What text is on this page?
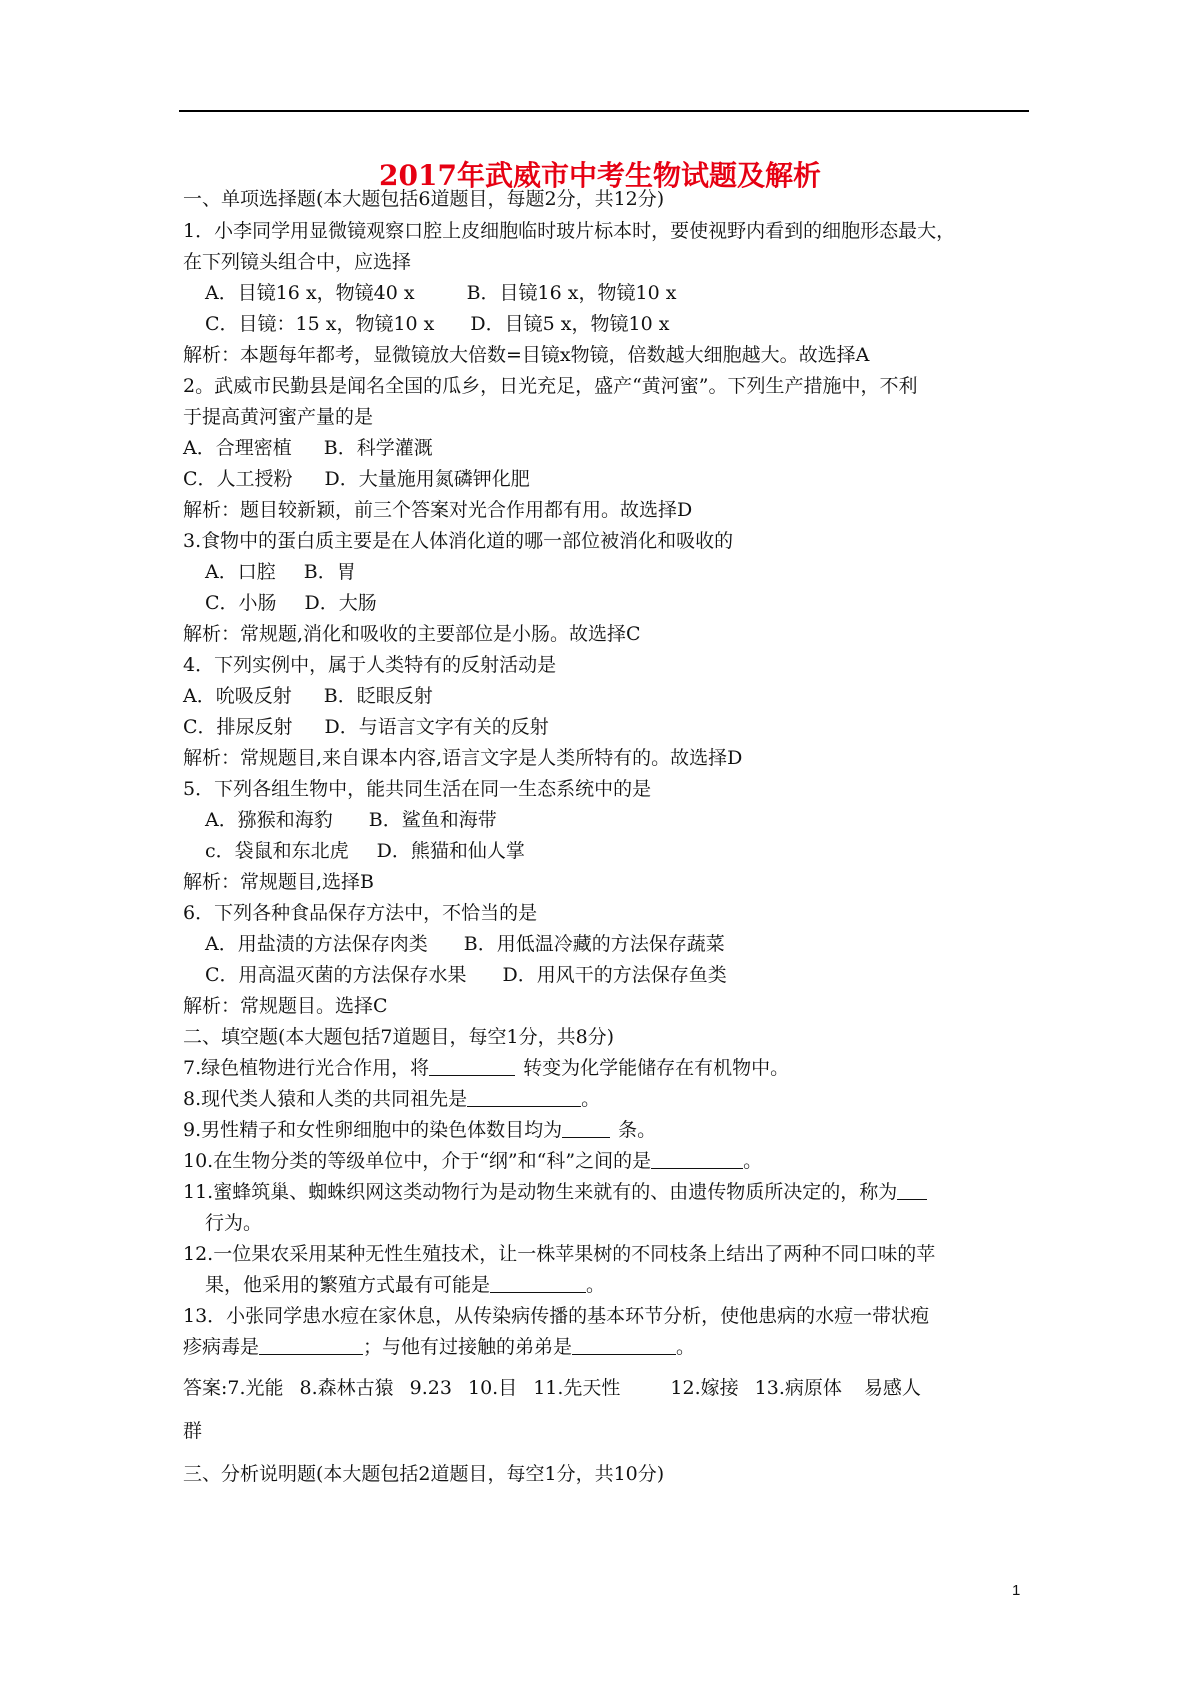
2017年武威市中考生物试题及解析
一、单项选择题(本大题包括6道题目，每题2分，共12分)
1．小李同学用显微镜观察口腔上皮细胞临时玻片标本时，要使视野内看到的细胞形态最大，
在下列镜头组合中，应选择
A．目镜16 x，物镜40 x	B．目镜16 x，物镜10 x
C．目镜：15 x，物镜10 x D．目镜5 x，物镜10 x
解析：本题每年都考，显微镜放大倍数=目镜x物镜，倍数越大细胞越大。故选择A
2。武威市民勤县是闻名全国的瓜乡，日光充足，盛产“黄河蜜”。下列生产措施中，不利
于提高黄河蜜产量的是
A．合理密植 B．科学灌溉
C．人工授粉 D．大量施用氮磷钾化肥
解析：题目较新颖，前三个答案对光合作用都有用。故选择D
3.食物中的蛋白质主要是在人体消化道的哪一部位被消化和吸收的
A．口腔 B．胃
C．小肠 D．大肠
解析：常规题,消化和吸收的主要部位是小肠。故选择C
4．下列实例中，属于人类特有的反射活动是
A．吮吸反射 B．眨眼反射
C．排尿反射 D．与语言文字有关的反射
解析：常规题目,来自课本内容,语言文字是人类所特有的。故选择D
5．下列各组生物中，能共同生活在同一生态系统中的是
A．猕猴和海豹 B．鲨鱼和海带
c．袋鼠和东北虎 D．熊猫和仙人掌
解析：常规题目,选择B
6．下列各种食品保存方法中，不恰当的是
A．用盐渍的方法保存肉类 B．用低温冷藏的方法保存蔬菜
C．用高温灭菌的方法保存水果 D．用风干的方法保存鱼类
解析：常规题目。选择C
二、填空题(本大题包括7道题目，每空1分，共8分)
7.绿色植物进行光合作用，将	转变为化学能储存在有机物中。
8.现代类人猿和人类的共同祖先是	。
9.男性精子和女性卵细胞中的染色体数目均为	条。
10.在生物分类的等级单位中，介于“纲”和“科”之间的是	。
11.蜜蜂筑巢、蜘蛛织网这类动物行为是动物生来就有的、由遗传物质所决定的，称为
行为。
12.一位果农采用某种无性生殖技术，让一株苹果树的不同枝条上结出了两种不同口味的苹
果，他采用的繁殖方式最有可能是	。
13．小张同学患水痘在家休息，从传染病传播的基本环节分析，使他患病的水痘一带状疱
疹病毒是	；与他有过接触的弟弟是	。
答案:7.光能 8.森林古猿 9.23 10.目 11.先天性	12.嫁接 13.病原体 易感人
群
三、分析说明题(本大题包括2道题目，每空1分，共10分)
1
